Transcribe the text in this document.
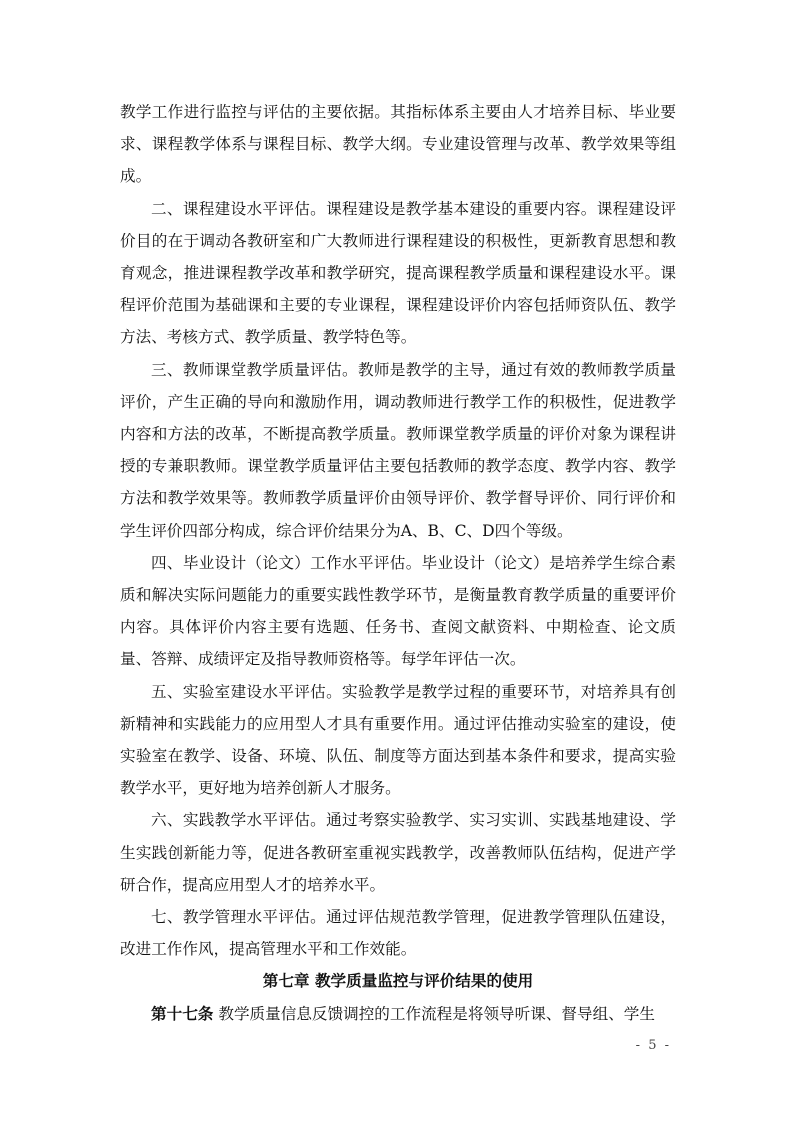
教学工作进行监控与评估的主要依据。其指标体系主要由人才培养目标、毕业要求、课程教学体系与课程目标、教学大纲。专业建设管理与改革、教学效果等组成。

二、课程建设水平评估。课程建设是教学基本建设的重要内容。课程建设评价目的在于调动各教研室和广大教师进行课程建设的积极性，更新教育思想和教育观念，推进课程教学改革和教学研究，提高课程教学质量和课程建设水平。课程评价范围为基础课和主要的专业课程，课程建设评价内容包括师资队伍、教学方法、考核方式、教学质量、教学特色等。

三、教师课堂教学质量评估。教师是教学的主导，通过有效的教师教学质量评价，产生正确的导向和激励作用，调动教师进行教学工作的积极性，促进教学内容和方法的改革，不断提高教学质量。教师课堂教学质量的评价对象为课程讲授的专兼职教师。课堂教学质量评估主要包括教师的教学态度、教学内容、教学方法和教学效果等。教师教学质量评价由领导评价、教学督导评价、同行评价和学生评价四部分构成，综合评价结果分为A、B、C、D四个等级。

四、毕业设计（论文）工作水平评估。毕业设计（论文）是培养学生综合素质和解决实际问题能力的重要实践性教学环节，是衡量教育教学质量的重要评价内容。具体评价内容主要有选题、任务书、查阅文献资料、中期检查、论文质量、答辩、成绩评定及指导教师资格等。每学年评估一次。

五、实验室建设水平评估。实验教学是教学过程的重要环节，对培养具有创新精神和实践能力的应用型人才具有重要作用。通过评估推动实验室的建设，使实验室在教学、设备、环境、队伍、制度等方面达到基本条件和要求，提高实验教学水平，更好地为培养创新人才服务。

六、实践教学水平评估。通过考察实验教学、实习实训、实践基地建设、学生实践创新能力等，促进各教研室重视实践教学，改善教师队伍结构，促进产学研合作，提高应用型人才的培养水平。

七、教学管理水平评估。通过评估规范教学管理，促进教学管理队伍建设，改进工作作风，提高管理水平和工作效能。

第七章 教学质量监控与评价结果的使用

第十七条 教学质量信息反馈调控的工作流程是将领导听课、督导组、学生

- 5 -
